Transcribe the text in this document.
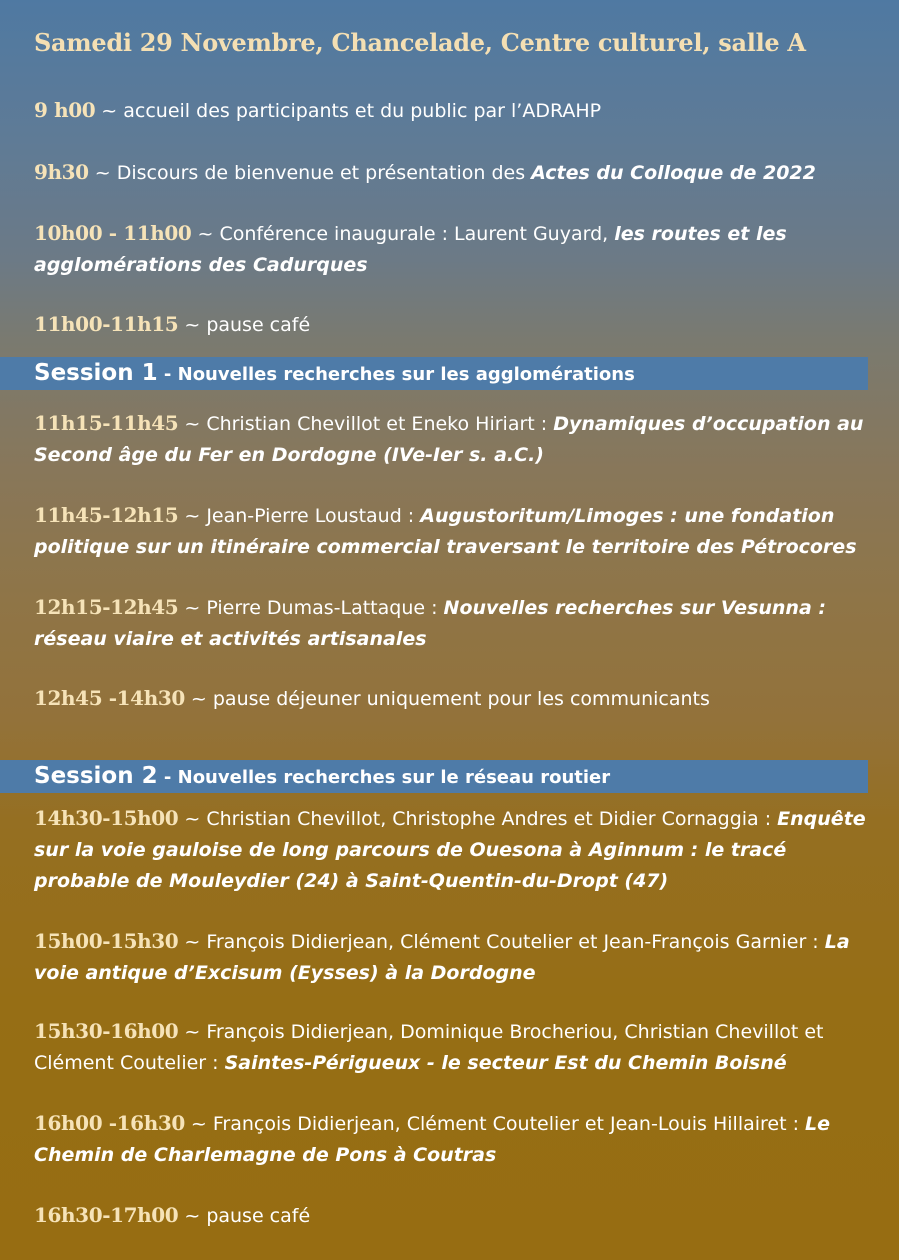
Samedi 29 Novembre, Chancelade, Centre culturel, salle A
9 h00 ~ accueil des participants et du public par l’ADRAHP
9h30 ~ Discours de bienvenue et présentation des Actes du Colloque de 2022
10h00 - 11h00 ~ Conférence inaugurale : Laurent Guyard, les routes et les agglomérations des Cadurques
11h00-11h15 ~ pause café
Session 1 - Nouvelles recherches sur les agglomérations
11h15-11h45 ~ Christian Chevillot et Eneko Hiriart : Dynamiques d’occupation au Second âge du Fer en Dordogne (IVe-Ier s. a.C.)
11h45-12h15 ~ Jean-Pierre Loustaud : Augustoritum/Limoges : une fondation politique sur un itinéraire commercial traversant le territoire des Pétrocores
12h15-12h45 ~ Pierre Dumas-Lattaque : Nouvelles recherches sur Vesunna : réseau viaire et activités artisanales
12h45 -14h30 ~ pause déjeuner uniquement pour les communicants
Session 2 - Nouvelles recherches sur le réseau routier
14h30-15h00 ~ Christian Chevillot, Christophe Andres et Didier Cornaggia : Enquête sur la voie gauloise de long parcours de Ouesona à Aginnum : le tracé probable de Mouleydier (24) à Saint-Quentin-du-Dropt (47)
15h00-15h30 ~ François Didierjean, Clément Coutelier et Jean-François Garnier : La voie antique d’Excisum (Eysses) à la Dordogne
15h30-16h00 ~ François Didierjean, Dominique Brocheriou, Christian Chevillot et Clément Coutelier : Saintes-Périgueux - le secteur Est du Chemin Boisné
16h00 -16h30 ~ François Didierjean, Clément Coutelier et Jean-Louis Hillairet : Le Chemin de Charlemagne de Pons à Coutras
16h30-17h00 ~ pause café
